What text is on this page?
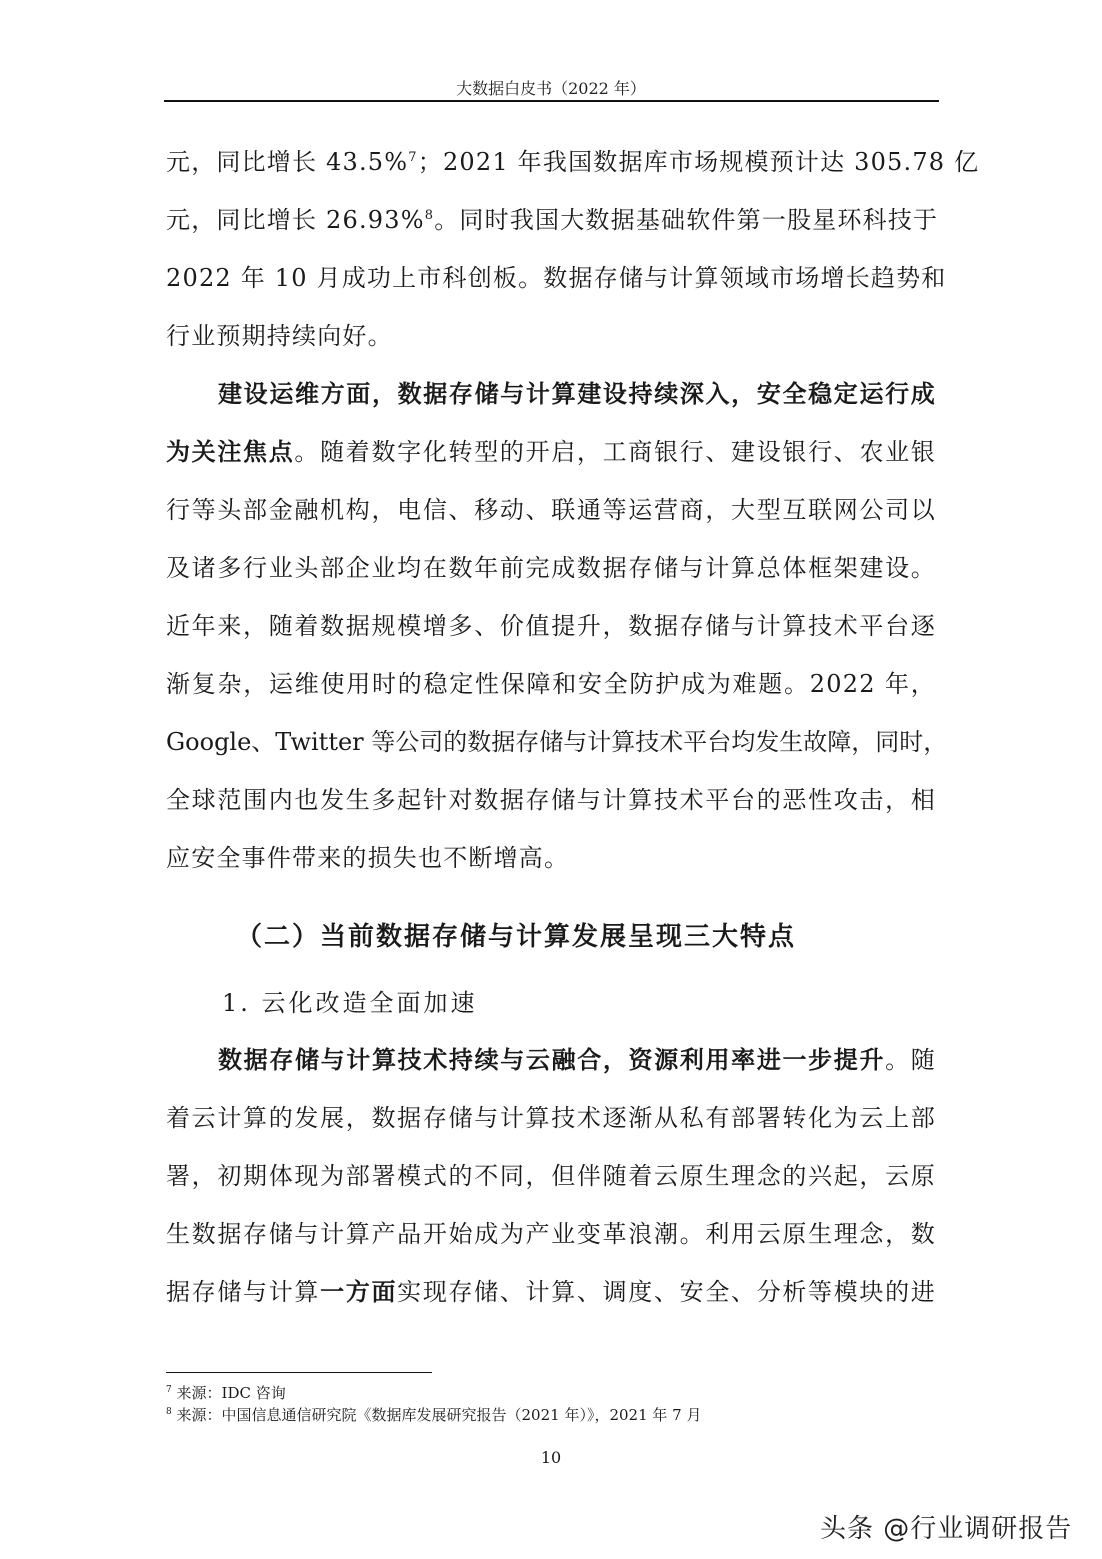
大数据白皮书（2022 年）
元，同比增长 43.5%$^7$；2021 年我国数据库市场规模预计达 305.78 亿
元，同比增长 26.93%$^8$。同时我国大数据基础软件第一股星环科技于
2022 年 10 月成功上市科创板。数据存储与计算领域市场增长趋势和
行业预期持续向好。
建设运维方面，数据存储与计算建设持续深入，安全稳定运行成
为关注焦点。随着数字化转型的开启，工商银行、建设银行、农业银
行等头部金融机构，电信、移动、联通等运营商，大型互联网公司以
及诸多行业头部企业均在数年前完成数据存储与计算总体框架建设。
近年来，随着数据规模增多、价值提升，数据存储与计算技术平台逐
渐复杂，运维使用时的稳定性保障和安全防护成为难题。2022 年，
Google、Twitter 等公司的数据存储与计算技术平台均发生故障，同时，
全球范围内也发生多起针对数据存储与计算技术平台的恶性攻击，相
应安全事件带来的损失也不断增高。
（二）当前数据存储与计算发展呈现三大特点
1. 云化改造全面加速
数据存储与计算技术持续与云融合，资源利用率进一步提升。随
着云计算的发展，数据存储与计算技术逐渐从私有部署转化为云上部
署，初期体现为部署模式的不同，但伴随着云原生理念的兴起，云原
生数据存储与计算产品开始成为产业变革浪潮。利用云原生理念，数
据存储与计算一方面实现存储、计算、调度、安全、分析等模块的进
$^7$ 来源：IDC 咨询
$^8$ 来源：中国信息通信研究院《数据库发展研究报告（2021 年）》，2021 年 7 月
10
头条 @行业调研报告
